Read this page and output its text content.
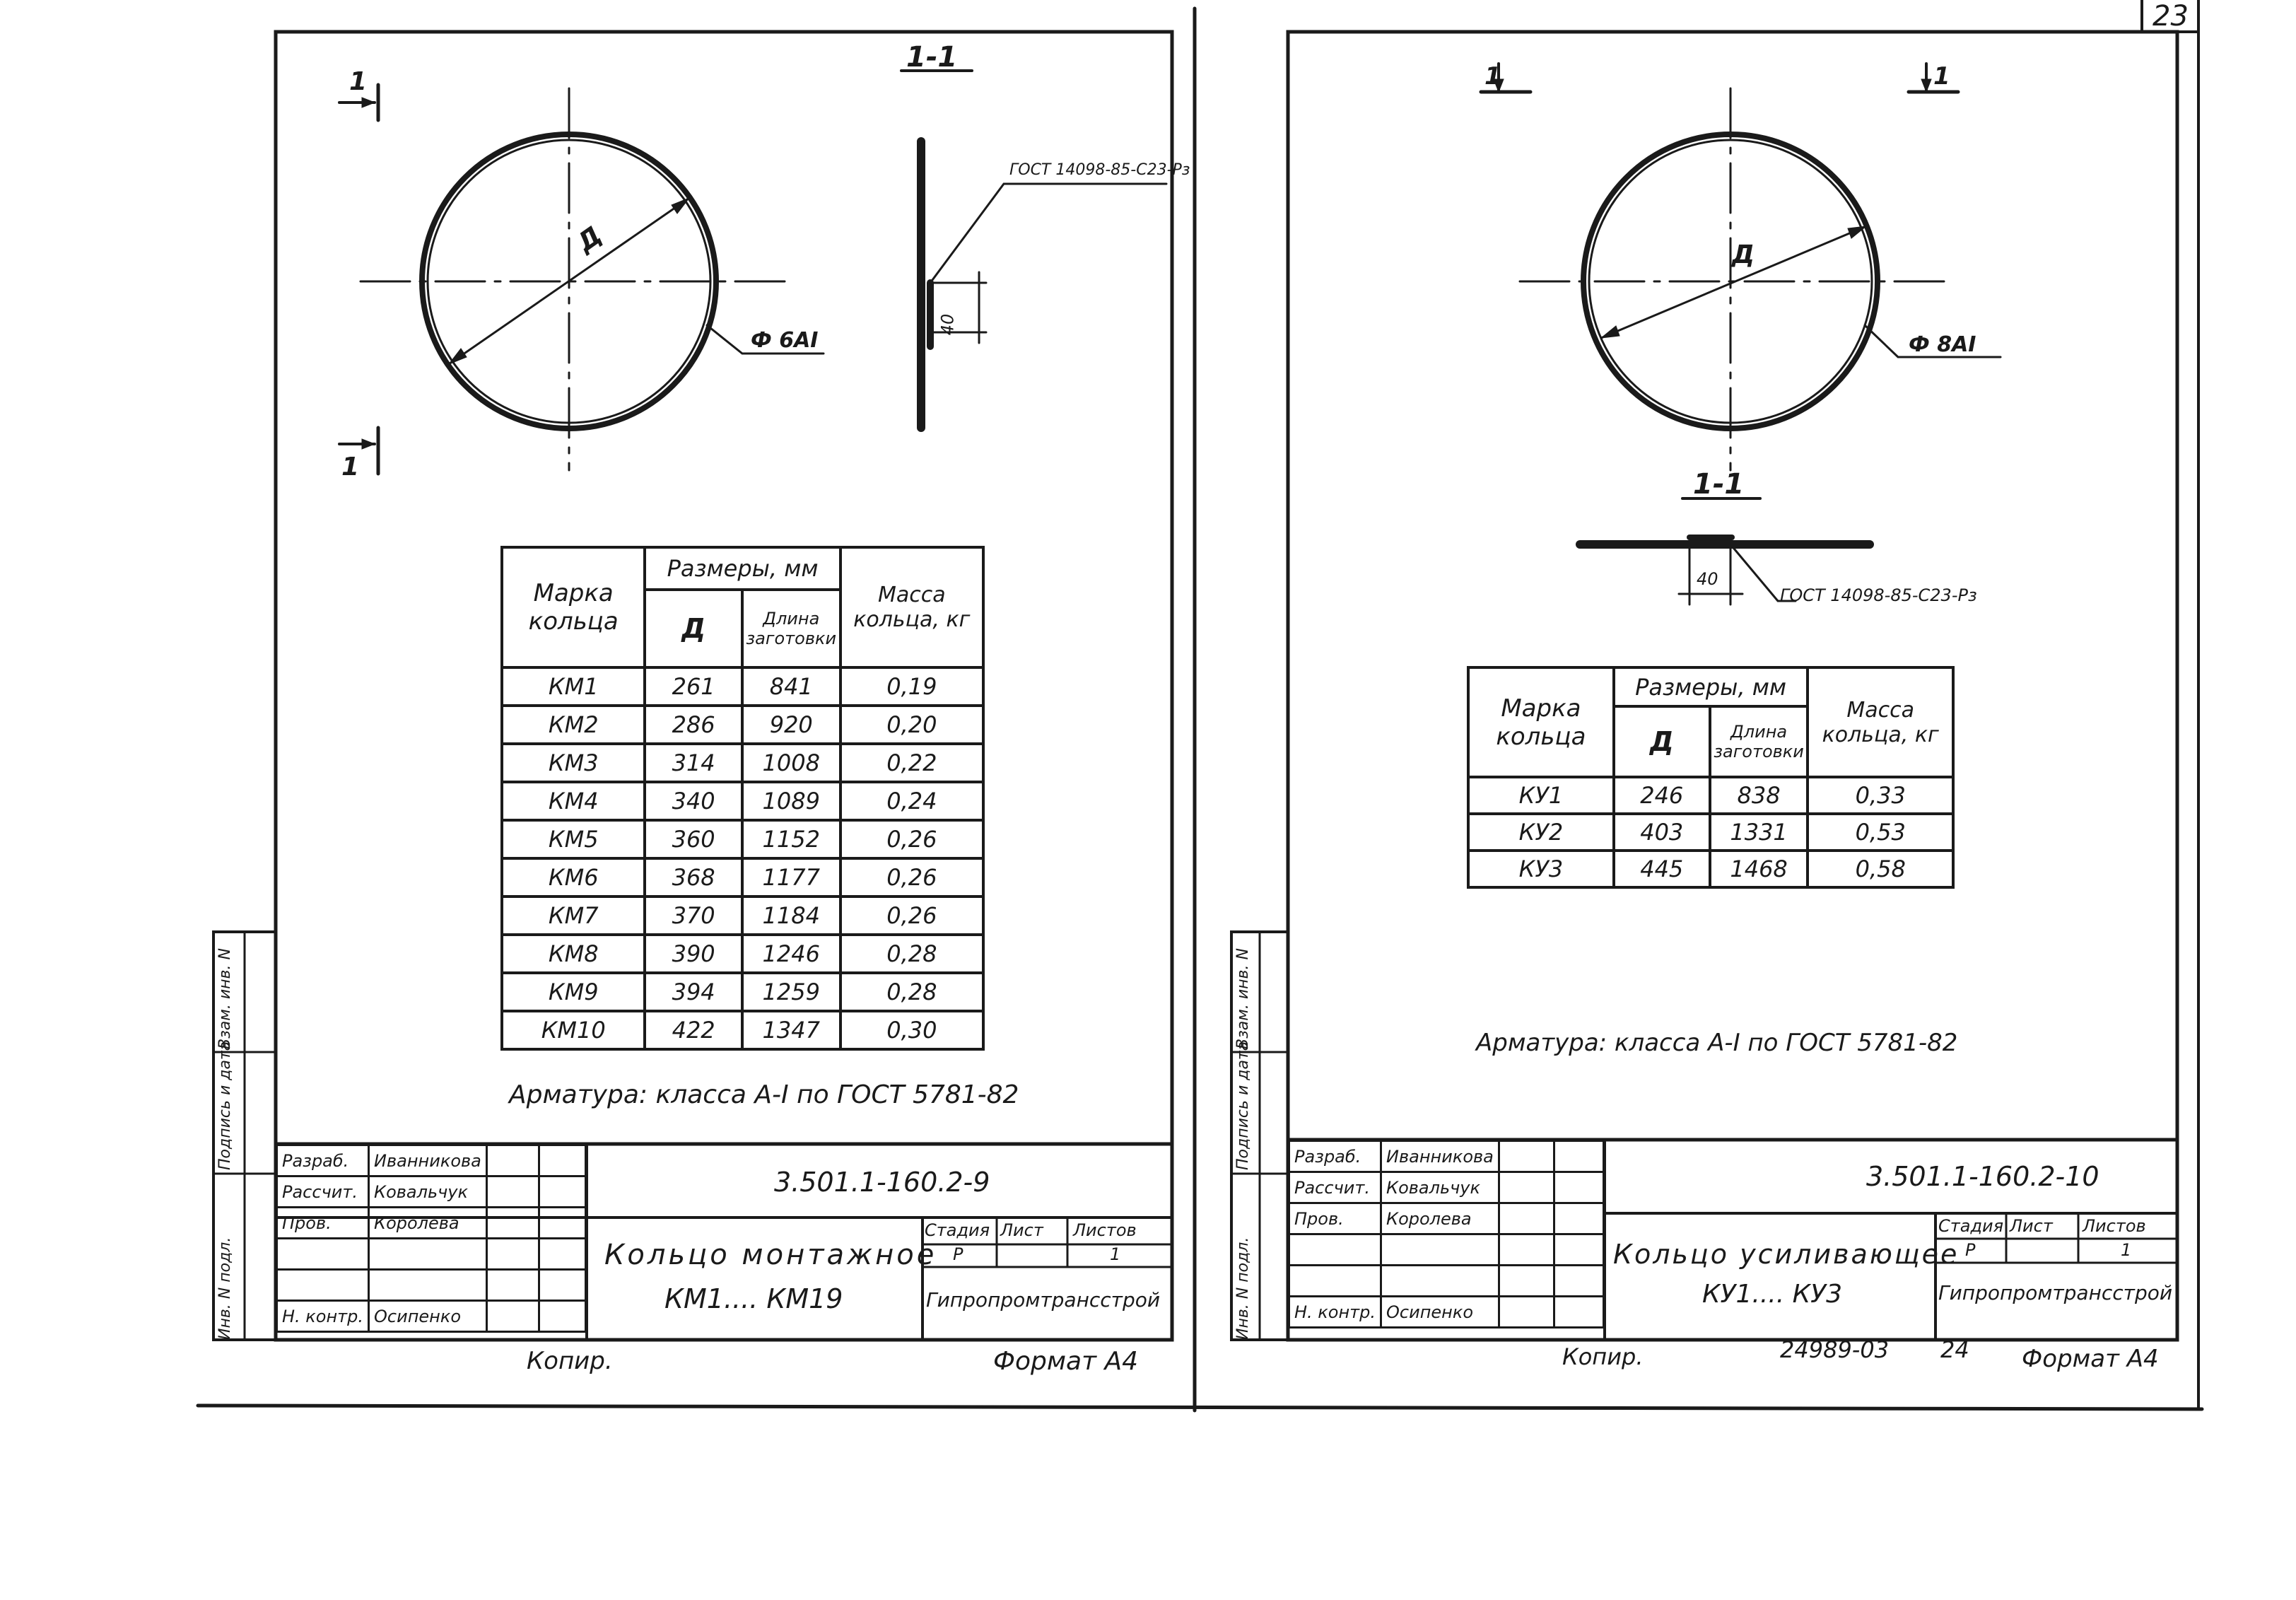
23
1-1
1
1
Д
Ф 6АI
ГОСТ 14098-85-С23-Рз
40
Марка кольца	Размеры, мм		Масса кольца, кг
	Д	Длина заготовки	
КМ1	261	841	0,19
КМ2	286	920	0,20
КМ3	314	1008	0,22
КМ4	340	1089	0,24
КМ5	360	1152	0,26
КМ6	368	1177	0,26
КМ7	370	1184	0,26
КМ8	390	1246	0,28
КМ9	394	1259	0,28
КМ10	422	1347	0,30
Арматура: класса А-I по ГОСТ 5781-82
Разраб.	Иванникова		
Рассчит.	Ковальчук		
Пров.	Королева		

Н. контр.	Осипенко		
3.501.1-160.2-9
Кольцо монтажное
КМ1.... КМ19
Стадия Лист Листов
Р	1
Гипропромтрансстрой
Инв. N подл.
Подпись и дата
Взам. инв. N
Копир.	Формат А4
1	1
Д
Ф 8АI
1-1
40
ГОСТ 14098-85-С23-Рз
Марка кольца	Размеры, мм		Масса кольца, кг
	Д	Длина заготовки	
КУ1	246	838	0,33
КУ2	403	1331	0,53
КУ3	445	1468	0,58
Арматура: класса А-I по ГОСТ 5781-82
Разраб.	Иванникова		
Рассчит.	Ковальчук		
Пров.	Королева		

Н. контр.	Осипенко		
3.501.1-160.2-10
Кольцо усиливающее
КУ1.... КУ3
Стадия Лист Листов
Р	1
Гипропромтрансстрой
Инв. N подл.
Подпись и дата
Взам. инв. N
Копир.	24989-03 24 Формат А4
